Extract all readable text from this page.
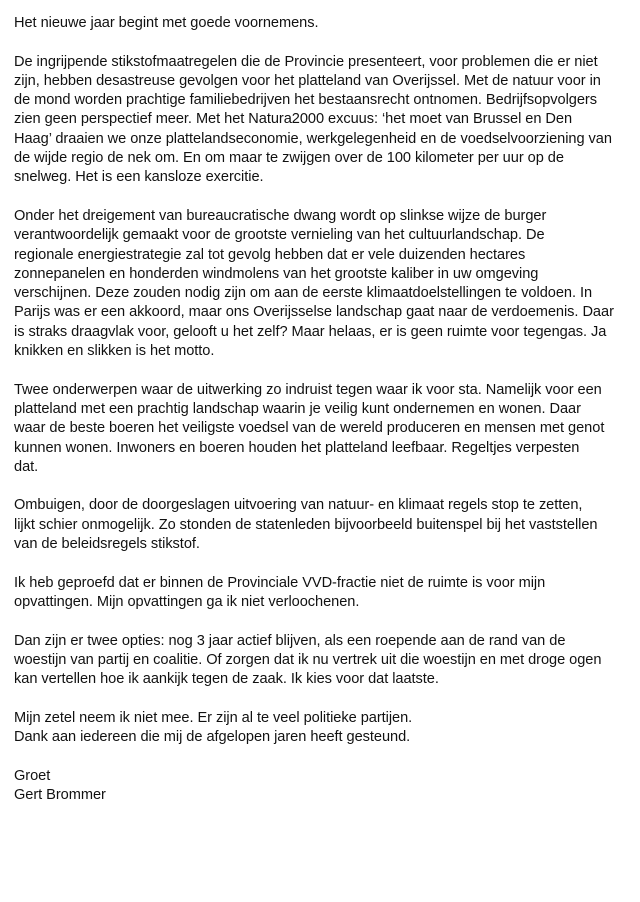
Het nieuwe jaar begint met goede voornemens.

De ingrijpende stikstofmaatregelen die de Provincie presenteert, voor problemen die er niet
zijn, hebben desastreuse gevolgen voor het platteland van Overijssel. Met de natuur voor in
de mond worden prachtige familiebedrijven het bestaansrecht ontnomen. Bedrijfsopvolgers
zien geen perspectief meer. Met het Natura2000 excuus: ‘het moet van Brussel en Den
Haag’ draaien we onze plattelandseconomie, werkgelegenheid en de voedselvoorziening van
de wijde regio de nek om. En om maar te zwijgen over de 100 kilometer per uur op de
snelweg. Het is een kansloze exercitie.

Onder het dreigement van bureaucratische dwang wordt op slinkse wijze de burger
verantwoordelijk gemaakt voor de grootste vernieling van het cultuurlandschap. De
regionale energiestrategie zal tot gevolg hebben dat er vele duizenden hectares
zonnepanelen en honderden windmolens van het grootste kaliber in uw omgeving
verschijnen. Deze zouden nodig zijn om aan de eerste klimaatdoelstellingen te voldoen. In
Parijs was er een akkoord, maar ons Overijsselse landschap gaat naar de verdoemenis. Daar
is straks draagvlak voor, gelooft u het zelf? Maar helaas, er is geen ruimte voor tegengas. Ja
knikken en slikken is het motto.

Twee onderwerpen waar de uitwerking zo indruist tegen waar ik voor sta. Namelijk voor een
platteland met een prachtig landschap waarin je veilig kunt ondernemen en wonen. Daar
waar de beste boeren het veiligste voedsel van de wereld produceren en mensen met genot
kunnen wonen. Inwoners en boeren houden het platteland leefbaar. Regeltjes verpesten
dat.

Ombuigen, door de doorgeslagen uitvoering van natuur- en klimaat regels stop te zetten,
lijkt schier onmogelijk. Zo stonden de statenleden bijvoorbeeld buitenspel bij het vaststellen
van de beleidsregels stikstof.

Ik heb geproefd dat er binnen de Provinciale VVD-fractie niet de ruimte is voor mijn
opvattingen. Mijn opvattingen ga ik niet verloochenen.

Dan zijn er twee opties: nog 3 jaar actief blijven, als een roepende aan de rand van de
woestijn van partij en coalitie. Of zorgen dat ik nu vertrek uit die woestijn en met droge ogen
kan vertellen hoe ik aankijk tegen de zaak. Ik kies voor dat laatste.

Mijn zetel neem ik niet mee. Er zijn al te veel politieke partijen.
Dank aan iedereen die mij de afgelopen jaren heeft gesteund.

Groet

Gert Brommer
